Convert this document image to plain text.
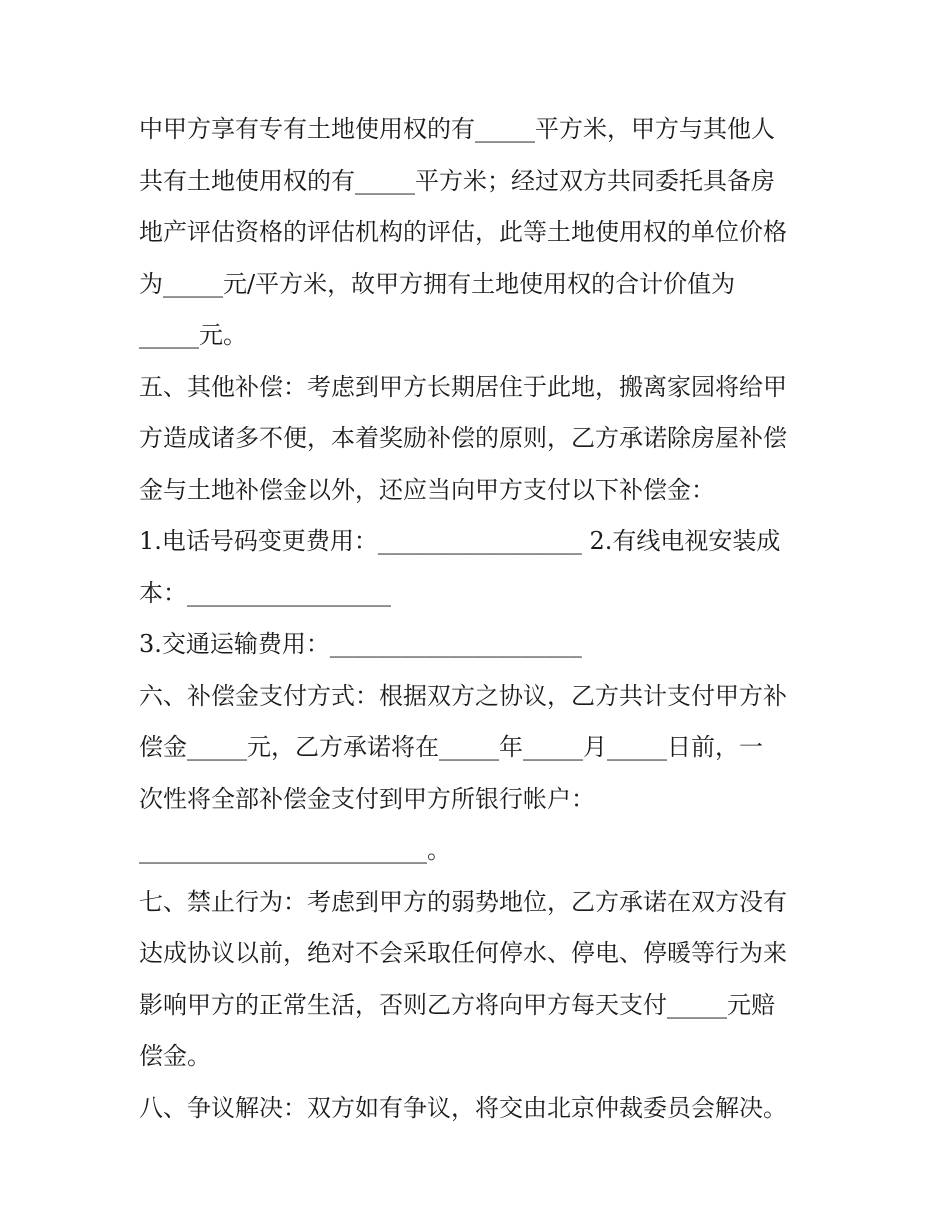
中甲方享有专有土地使用权的有_____平方米，甲方与其他人
共有土地使用权的有_____平方米；经过双方共同委托具备房
地产评估资格的评估机构的评估，此等土地使用权的单位价格
为_____元/平方米，故甲方拥有土地使用权的合计价值为
_____元。
五、其他补偿：考虑到甲方长期居住于此地，搬离家园将给甲
方造成诸多不便，本着奖励补偿的原则，乙方承诺除房屋补偿
金与土地补偿金以外，还应当向甲方支付以下补偿金：
1.电话号码变更费用：_________________ 2.有线电视安装成
本：_________________
3.交通运输费用：_____________________
六、补偿金支付方式：根据双方之协议，乙方共计支付甲方补
偿金_____元，乙方承诺将在_____年_____月_____日前，一
次性将全部补偿金支付到甲方所银行帐户：
________________________。
七、禁止行为：考虑到甲方的弱势地位，乙方承诺在双方没有
达成协议以前，绝对不会采取任何停水、停电、停暖等行为来
影响甲方的正常生活，否则乙方将向甲方每天支付_____元赔
偿金。
八、争议解决：双方如有争议，将交由北京仲裁委员会解决。
